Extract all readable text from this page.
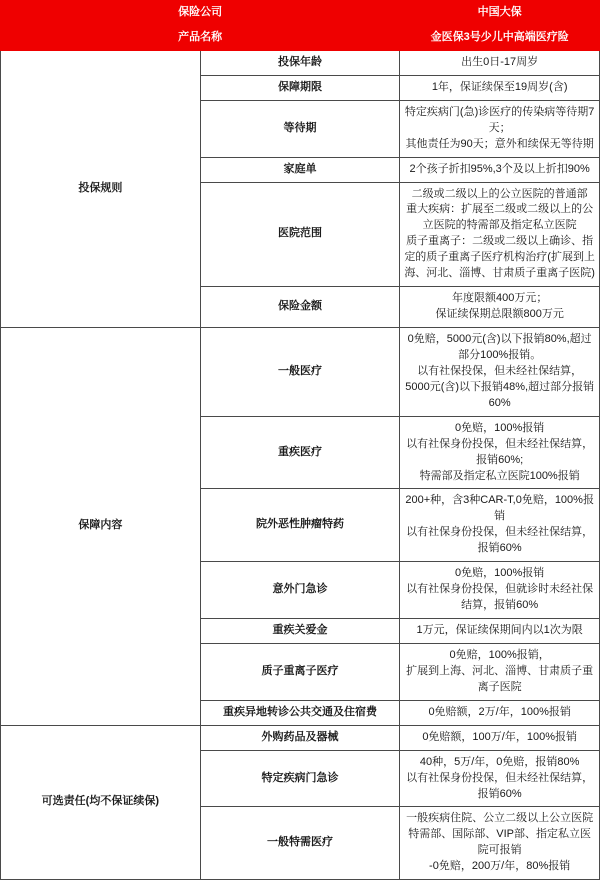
保险公司		中国大保
产品名称		金医保3号少儿中高端医疗险
投保规则	投保年龄	出生0日-17周岁

	保障期限	1年，保证续保至19周岁(含)

	等待期	特定疾病门(急)诊医疗的传染病等待期7天；
其他责任为90天；意外和续保无等待期

	家庭单	2个孩子折扣95%,3个及以上折扣90%

	医院范围	二级或二级以上的公立医院的普通部
重大疾病：扩展至二级或二级以上的公立医院的特需部及指定私立医院
质子重离子：二级或二级以上确诊、指定的质子重离子医疗机构治疗(扩展到上海、河北、淄博、甘肃质子重离子医院)

	保险金额	年度限额400万元；
保证续保期总限额800万元

保障内容	一般医疗	0免赔，5000元(含)以下报销80%,超过部分100%报销。
以有社保投保，但未经社保结算，
5000元(含)以下报销48%,超过部分报销60%

	重疾医疗	0免赔，100%报销
以有社保身份投保，但未经社保结算，报销60%;
特需部及指定私立医院100%报销

	院外恶性肿瘤特药	200+种，含3种CAR-T,0免赔，100%报销
以有社保身份投保，但未经社保结算，报销60%

	意外门急诊	0免赔，100%报销
以有社保身份投保，但就诊时未经社保结算，报销60%

	重疾关爱金	1万元，保证续保期间内以1次为限

	质子重离子医疗	0免赔，100%报销，
扩展到上海、河北、淄博、甘肃质子重离子医院

	重疾异地转诊公共交通及住宿费	0免赔额，2万/年，100%报销

可选责任(均不保证续保)	外购药品及器械	0免赔额，100万/年，100%报销

	特定疾病门急诊	40种，5万/年，0免赔，报销80%
以有社保身份投保，但未经社保结算，报销60%

	一般特需医疗	一般疾病住院、公立二级以上公立医院特需部、国际部、VIP部、指定私立医院可报销
-0免赔，200万/年，80%报销
